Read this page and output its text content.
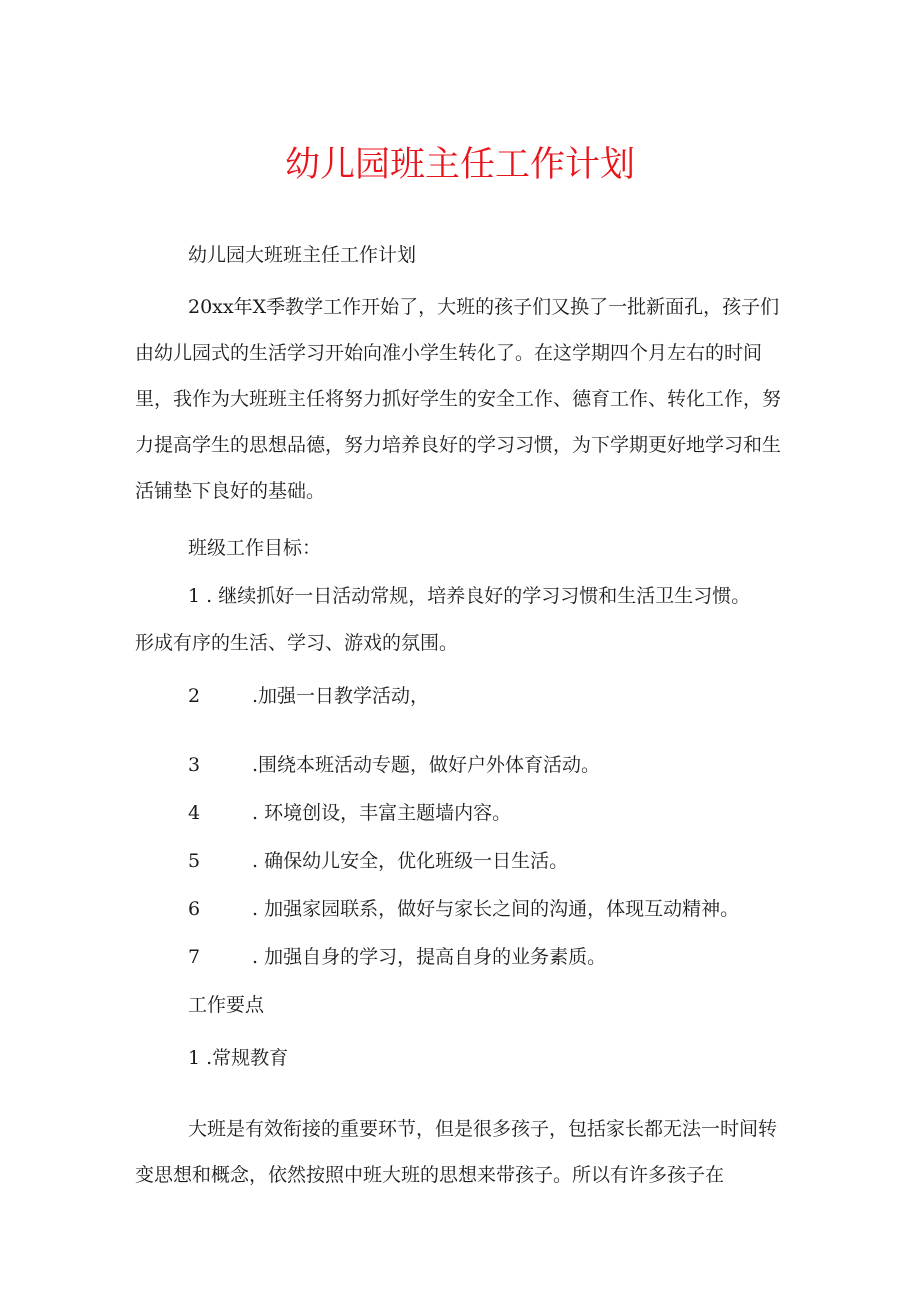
幼儿园班主任工作计划
幼儿园大班班主任工作计划

20xx年X季教学工作开始了，大班的孩子们又换了一批新面孔，孩子们由幼儿园式的生活学习开始向准小学生转化了。在这学期四个月左右的时间里，我作为大班班主任将努力抓好学生的安全工作、德育工作、转化工作，努力提高学生的思想品德，努力培养良好的学习习惯，为下学期更好地学习和生活铺垫下良好的基础。

班级工作目标：
1 . 继续抓好一日活动常规，培养良好的学习习惯和生活卫生习惯。
形成有序的生活、学习、游戏的氛围。
2	.加强一日教学活动，
3	.围绕本班活动专题，做好户外体育活动。
4	. 环境创设，丰富主题墙内容。
5	. 确保幼儿安全，优化班级一日生活。
6	. 加强家园联系，做好与家长之间的沟通，体现互动精神。
7	. 加强自身的学习，提高自身的业务素质。
工作要点
1 .常规教育

大班是有效衔接的重要环节，但是很多孩子，包括家长都无法一时间转变思想和概念，依然按照中班大班的思想来带孩子。所以有许多孩子在
